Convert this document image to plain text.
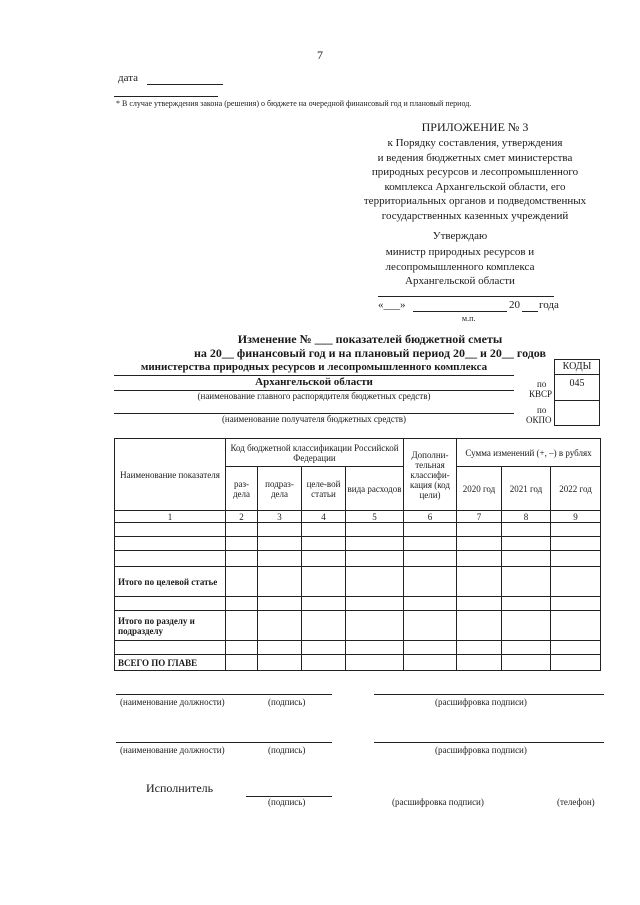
7
дата
* В случае утверждения закона (решения) о бюджете на очередной финансовый год и плановый период.
ПРИЛОЖЕНИЕ № 3
к Порядку составления, утверждения
и ведения бюджетных смет министерства
природных ресурсов и лесопромышленного
комплекса Архангельской области, его
территориальных органов и подведомственных
государственных казенных учреждений
Утверждаю
министр природных ресурсов и
лесопромышленного комплекса
Архангельской области
«___»	20 года
м.п.
Изменение № ___ показателей бюджетной сметы
на 20__ финансовый год и на плановый период 20__ и 20__ годов
министерства природных ресурсов и лесопромышленного комплекса
Архангельской области
(наименование главного распорядителя бюджетных средств)
(наименование получателя бюджетных средств)
КОДЫ
045
по
КВСР
по
ОКПО
Наименование показателя	Код бюджетной классификации Российской Федерации				Дополни-тельная классифи-кация (код цели)	Сумма изменений (+, –) в рублях		
	раз-дела	подраз-дела	целе-вой статьи	вида расходов		2020 год	2021 год	2022 год
1	2	3	4	5	6	7	8	9

Итого по целевой статье								

Итого по разделу и подразделу								

ВСЕГО ПО ГЛАВЕ								
(наименование должности)	(подпись)	(расшифровка подписи)
(наименование должности)	(подпись)	(расшифровка подписи)
Исполнитель
(подпись)	(расшифровка подписи)	(телефон)
